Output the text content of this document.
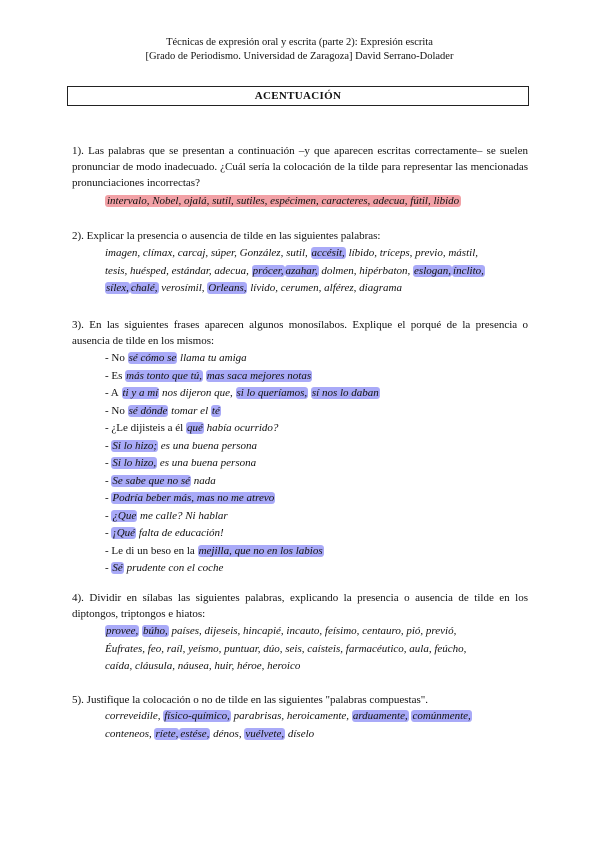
Técnicas de expresión oral y escrita (parte 2): Expresión escrita
[Grado de Periodismo. Universidad de Zaragoza] David Serrano-Dolader
ACENTUACIÓN
1). Las palabras que se presentan a continuación –y que aparecen escritas correctamente– se suelen pronunciar de modo inadecuado. ¿Cuál sería la colocación de la tilde para representar las mencionadas pronunciaciones incorrectas?
intervalo, Nobel, ojalá, sutil, sutiles, espécimen, caracteres, adecua, fútil, libido
2). Explicar la presencia o ausencia de tilde en las siguientes palabras:
imagen, clímax, carcaj, súper, González, sutil, accésit, líbido, tríceps, previo, mástil,
tesis, huésped, estándar, adecua, prócer, azahar, dolmen, hipérbaton, eslogan, ínclito,
sílex, chalé, verosímil, Orleans, lívido, cerumen, alférez, diagrama
3). En las siguientes frases aparecen algunos monosílabos. Explique el porqué de la presencia o ausencia de tilde en los mismos:
- No sé cómo se llama tu amiga
- Es más tonto que tú, mas saca mejores notas
- A ti y a mí nos dijeron que, si lo queríamos, sí nos lo daban
- No sé dónde tomar el té
- ¿Le dijisteis a él qué había ocurrido?
- Si lo hizo; es una buena persona
- Si lo hizo, es una buena persona
- Se sabe que no sé nada
- Podría beber más, mas no me atrevo
- ¿Que me calle? Ni hablar
- ¡Qué falta de educación!
- Le di un beso en la mejilla, que no en los labios
- Sé prudente con el coche
4). Dividir en sílabas las siguientes palabras, explicando la presencia o ausencia de tilde en los diptongos, triptongos e hiatos:
provee, búho, países, dijeseis, hincapié, incauto, feísimo, centauro, pió, previó,
Éufrates, feo, raíl, yeísmo, puntuar, dúo, seis, caísteis, farmacéutico, aula, feúcho,
caída, cláusula, náusea, huir, héroe, heroico
5). Justifique la colocación o no de tilde en las siguientes "palabras compuestas".
correveidile, físico-químico, parabrisas, heroicamente, arduamente, comúnmente,
conteneos, ríete, estése, dénos, vuélvete, díselo
